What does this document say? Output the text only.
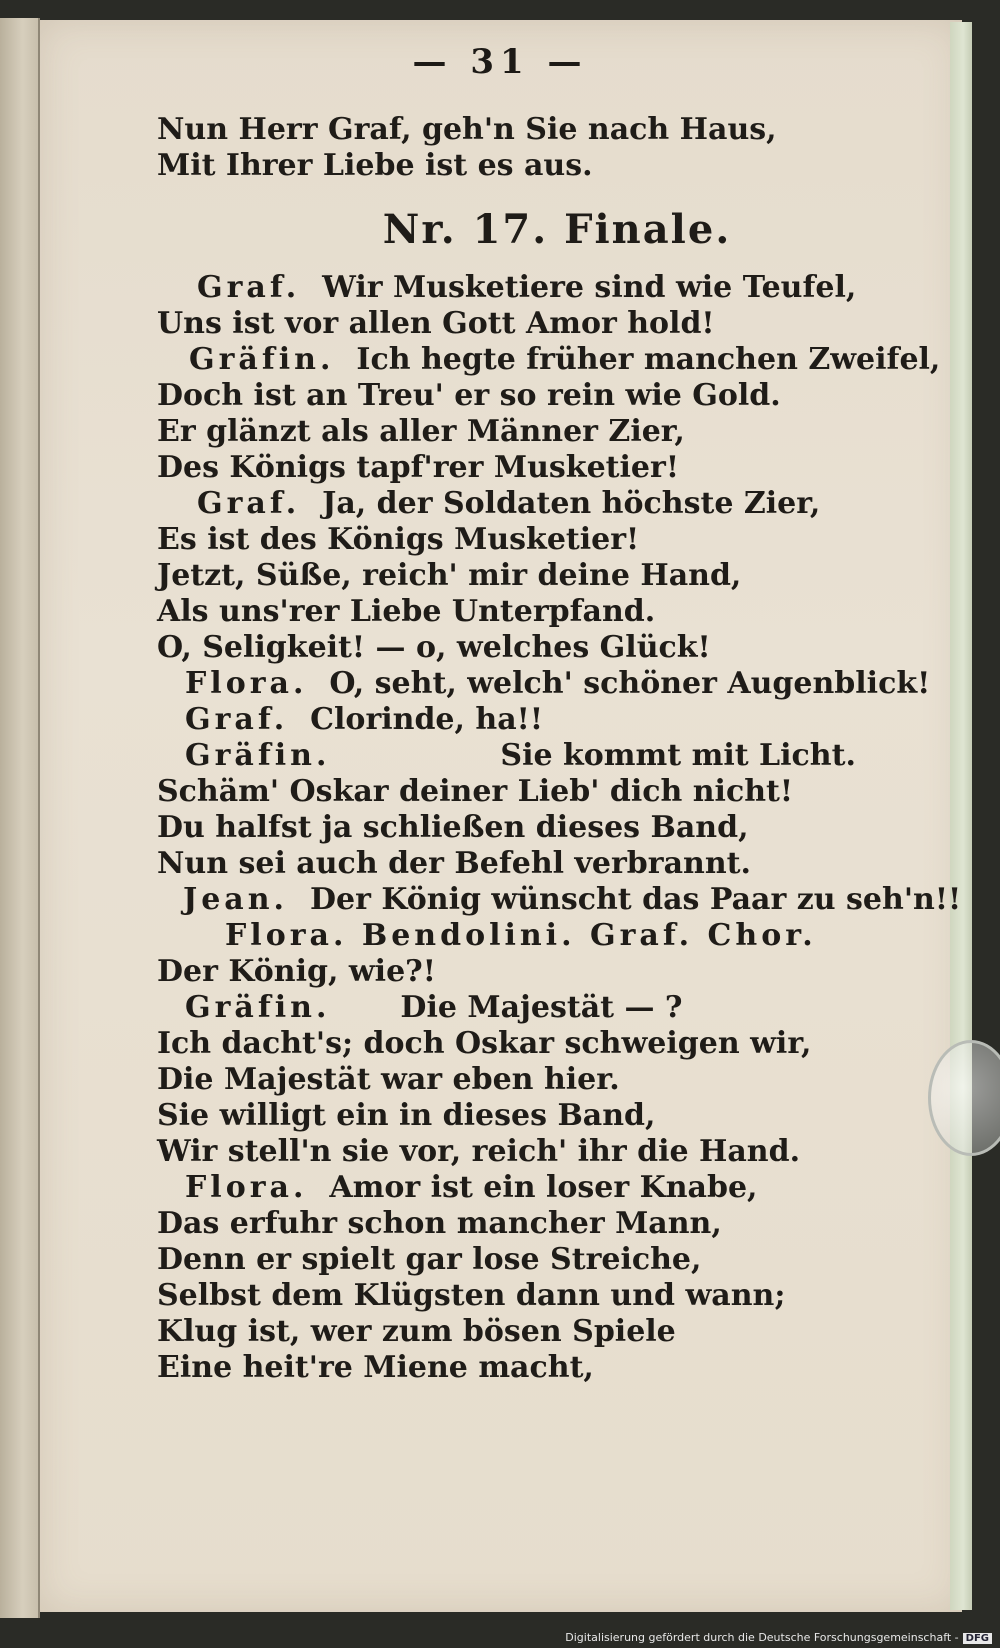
— 31 —
Nun Herr Graf, geh'n Sie nach Haus,
Mit Ihrer Liebe ist es aus.
Nr. 17. Finale.
Graf. Wir Musketiere sind wie Teufel,
Uns ist vor allen Gott Amor hold!
Gräfin. Ich hegte früher manchen Zweifel,
Doch ist an Treu' er so rein wie Gold.
Er glänzt als aller Männer Zier,
Des Königs tapf'rer Musketier!
Graf. Ja, der Soldaten höchste Zier,
Es ist des Königs Musketier!
Jetzt, Süße, reich' mir deine Hand,
Als uns'rer Liebe Unterpfand.
O, Seligkeit! — o, welches Glück!
Flora. O, seht, welch' schöner Augenblick!
Graf. Clorinde, ha!!
Gräfin.	Sie kommt mit Licht.
Schäm' Oskar deiner Lieb' dich nicht!
Du halfst ja schließen dieses Band,
Nun sei auch der Befehl verbrannt.
Jean. Der König wünscht das Paar zu seh'n!!
Flora. Bendolini. Graf. Chor.
Der König, wie?!
Gräfin. Die Majestät — ?
Ich dacht's; doch Oskar schweigen wir,
Die Majestät war eben hier.
Sie willigt ein in dieses Band,
Wir stell'n sie vor, reich' ihr die Hand.
Flora. Amor ist ein loser Knabe,
Das erfuhr schon mancher Mann,
Denn er spielt gar lose Streiche,
Selbst dem Klügsten dann und wann;
Klug ist, wer zum bösen Spiele
Eine heit're Miene macht,
Digitalisierung gefördert durch die Deutsche Forschungsgemeinschaft - DFG
